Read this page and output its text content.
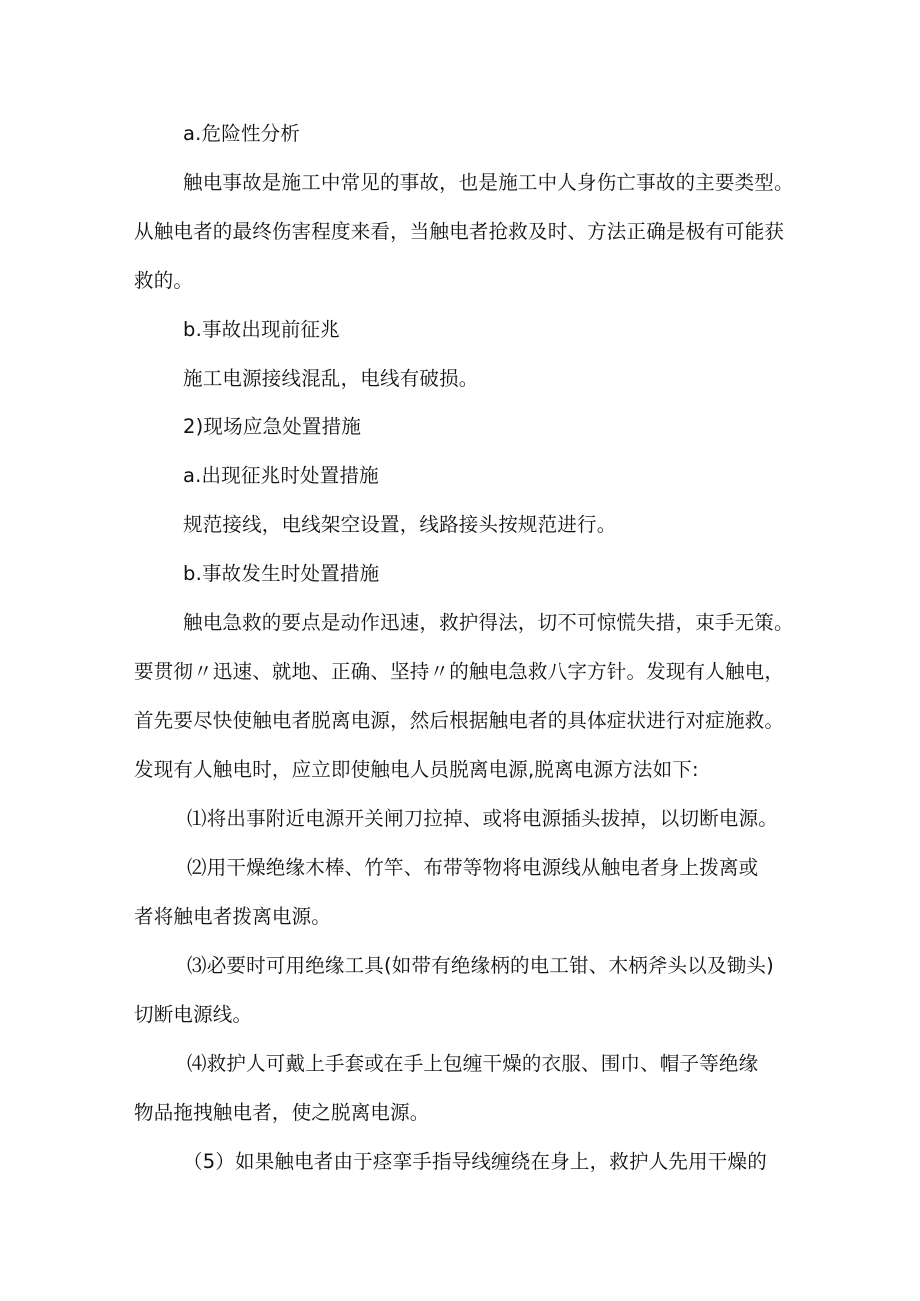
a.危险性分析
触电事故是施工中常见的事故，也是施工中人身伤亡事故的主要类型。
从触电者的最终伤害程度来看，当触电者抢救及时、方法正确是极有可能获
救的。
b.事故出现前征兆
施工电源接线混乱，电线有破损。
2)现场应急处置措施
a.出现征兆时处置措施
规范接线，电线架空设置，线路接头按规范进行。
b.事故发生时处置措施
触电急救的要点是动作迅速，救护得法，切不可惊慌失措，束手无策。
要贯彻〃迅速、就地、正确、坚持〃的触电急救八字方针。发现有人触电，
首先要尽快使触电者脱离电源，然后根据触电者的具体症状进行对症施救。
发现有人触电时，应立即使触电人员脱离电源,脱离电源方法如下:
⑴将出事附近电源开关闸刀拉掉、或将电源插头拔掉，以切断电源。
⑵用干燥绝缘木棒、竹竿、布带等物将电源线从触电者身上拨离或
者将触电者拨离电源。
⑶必要时可用绝缘工具(如带有绝缘柄的电工钳、木柄斧头以及锄头)
切断电源线。
⑷救护人可戴上手套或在手上包缠干燥的衣服、围巾、帽子等绝缘
物品拖拽触电者，使之脱离电源。
（5）如果触电者由于痉挛手指导线缠绕在身上，救护人先用干燥的
